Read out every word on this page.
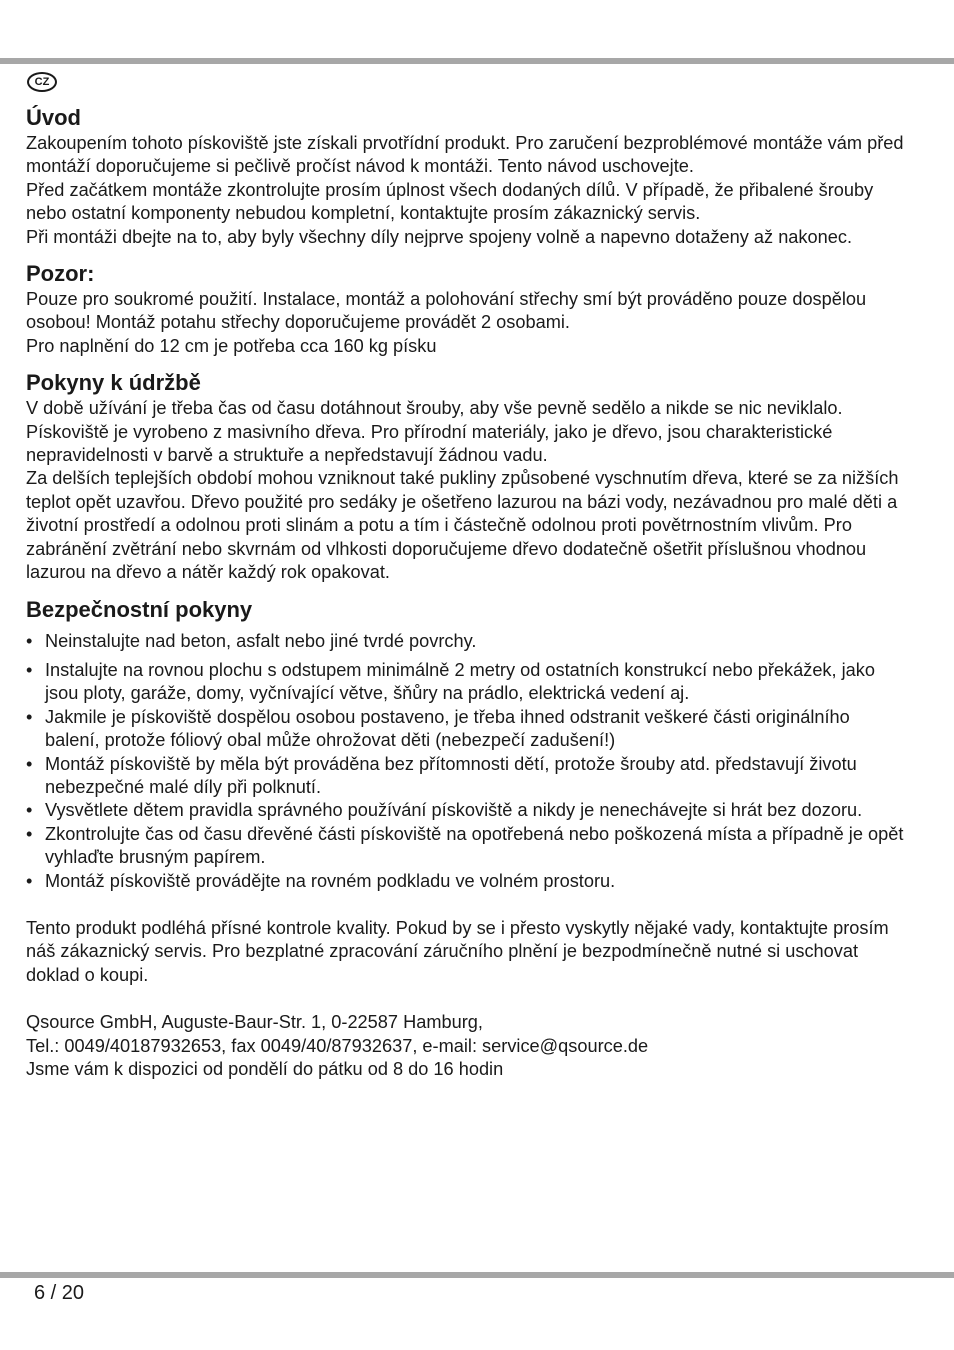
CZ
Úvod

Zakoupením tohoto pískoviště jste získali prvotřídní produkt. Pro zaručení bezproblémové montáže vám před montáží doporučujeme si pečlivě pročíst návod k montáži. Tento návod uschovejte.

Před začátkem montáže zkontrolujte prosím úplnost všech dodaných dílů. V případě, že přibalené šrouby nebo ostatní komponenty nebudou kompletní, kontaktujte prosím zákaznický servis.

Při montáži dbejte na to, aby byly všechny díly nejprve spojeny volně a napevno dotaženy až nakonec.

Pozor:

Pouze pro soukromé použití. Instalace, montáž a polohování střechy smí být prováděno pouze dospělou osobou! Montáž potahu střechy doporučujeme provádět 2 osobami.

Pro naplnění do 12 cm je potřeba cca 160 kg písku

Pokyny k údržbě

V době užívání je třeba čas od času dotáhnout šrouby, aby vše pevně sedělo a nikde se nic neviklalo. Pískoviště je vyrobeno z masivního dřeva. Pro přírodní materiály, jako je dřevo, jsou charakteristické nepravidelnosti v barvě a struktuře a nepředstavují žádnou vadu.

Za delších teplejších období mohou vzniknout také pukliny způsobené vyschnutím dřeva, které se za nižších teplot opět uzavřou. Dřevo použité pro sedáky je ošetřeno lazurou na bázi vody, nezávadnou pro malé děti a životní prostředí a odolnou proti slinám a potu a tím i částečně odolnou proti povětrnostním vlivům. Pro zabránění zvětrání nebo skvrnám od vlhkosti doporučujeme dřevo dodatečně ošetřit příslušnou vhodnou lazurou na dřevo a nátěr každý rok opakovat.

Bezpečnostní pokyny
• Neinstalujte nad beton, asfalt nebo jiné tvrdé povrchy.
• Instalujte na rovnou plochu s odstupem minimálně 2 metry od ostatních konstrukcí nebo překážek, jako jsou ploty, garáže, domy, vyčnívající větve, šňůry na prádlo, elektrická vedení aj.
• Jakmile je pískoviště dospělou osobou postaveno, je třeba ihned odstranit veškeré části originálního balení, protože fóliový obal může ohrožovat děti (nebezpečí zadušení!)
• Montáž pískoviště by měla být prováděna bez přítomnosti dětí, protože šrouby atd. představují životu nebezpečné malé díly při polknutí.
• Vysvětlete dětem pravidla správného používání pískoviště a nikdy je nenechávejte si hrát bez dozoru.
• Zkontrolujte čas od času dřevěné části pískoviště na opotřebená nebo poškozená místa a případně je opět vyhlaďte brusným papírem.
• Montáž pískoviště provádějte na rovném podkladu ve volném prostoru.

Tento produkt podléhá přísné kontrole kvality. Pokud by se i přesto vyskytly nějaké vady, kontaktujte prosím náš zákaznický servis. Pro bezplatné zpracování záručního plnění je bezpodmínečně nutné si uschovat doklad o koupi.

Qsource GmbH, Auguste-Baur-Str. 1, 0-22587 Hamburg,

Tel.: 0049/40187932653, fax 0049/40/87932637, e-mail: service@qsource.de

Jsme vám k dispozici od pondělí do pátku od 8 do 16 hodin

6 / 20
